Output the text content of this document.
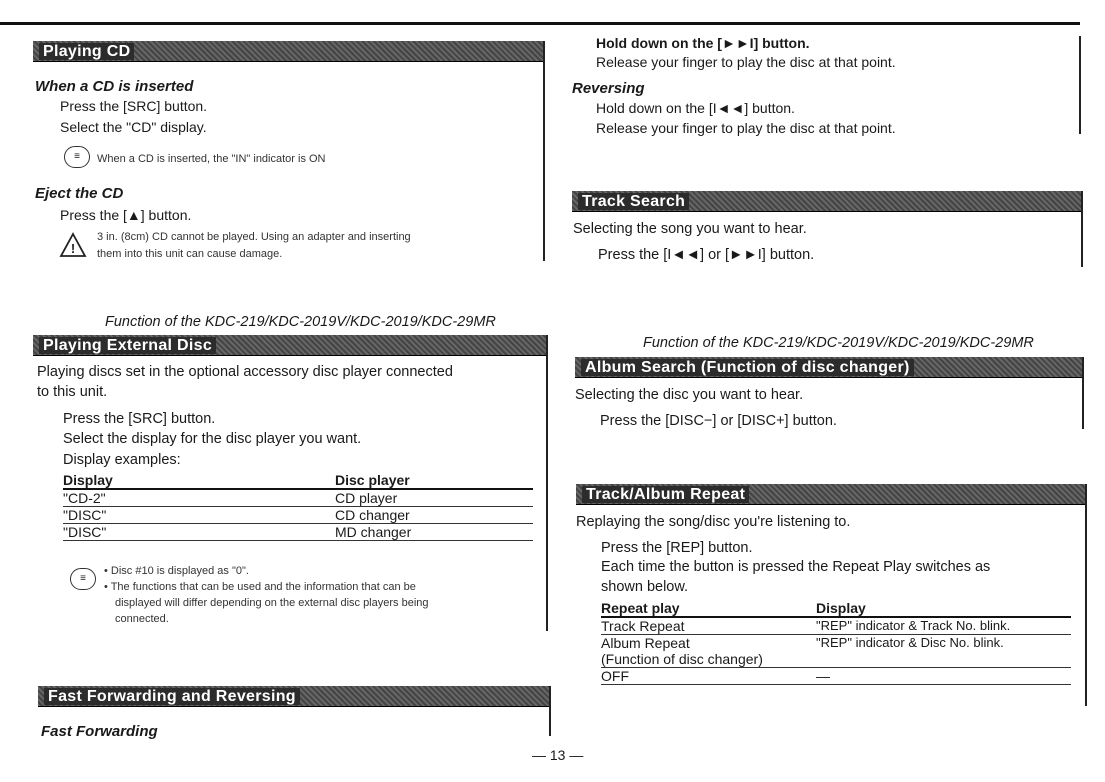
Playing CD
When a CD is inserted
Press the [SRC] button.
Select the "CD" display.
≡	When a CD is inserted, the "IN" indicator is ON
Eject the CD
Press the [▲] button.
!
3 in. (8cm) CD cannot be played. Using an adapter and inserting
them into this unit can cause damage.
Function of the KDC-219/KDC-2019V/KDC-2019/KDC-29MR
Playing External Disc
Playing discs set in the optional accessory disc player connected
to this unit.
Press the [SRC] button.
Select the display for the disc player you want.
Display examples:
Display	Disc player
"CD-2"	CD player
"DISC"	CD changer
"DISC"	MD changer
≡
• Disc #10 is displayed as "0".
• The functions that can be used and the information that can be
displayed will differ depending on the external disc players being
connected.
Fast Forwarding and Reversing
Fast Forwarding
— 13 —
Hold down on the [►►I] button.
Release your finger to play the disc at that point.
Reversing
Hold down on the [I◄◄] button.
Release your finger to play the disc at that point.
Track Search
Selecting the song you want to hear.
Press the [I◄◄] or [►►I] button.
Function of the KDC-219/KDC-2019V/KDC-2019/KDC-29MR
Album Search (Function of disc changer)
Selecting the disc you want to hear.
Press the [DISC−] or [DISC+] button.
Track/Album Repeat
Replaying the song/disc you're listening to.
Press the [REP] button.
Each time the button is pressed the Repeat Play switches as
shown below.
Repeat play	Display
Track Repeat	"REP" indicator & Track No. blink.

Album Repeat
(Function of disc changer)	"REP" indicator & Disc No. blink.
OFF	—
